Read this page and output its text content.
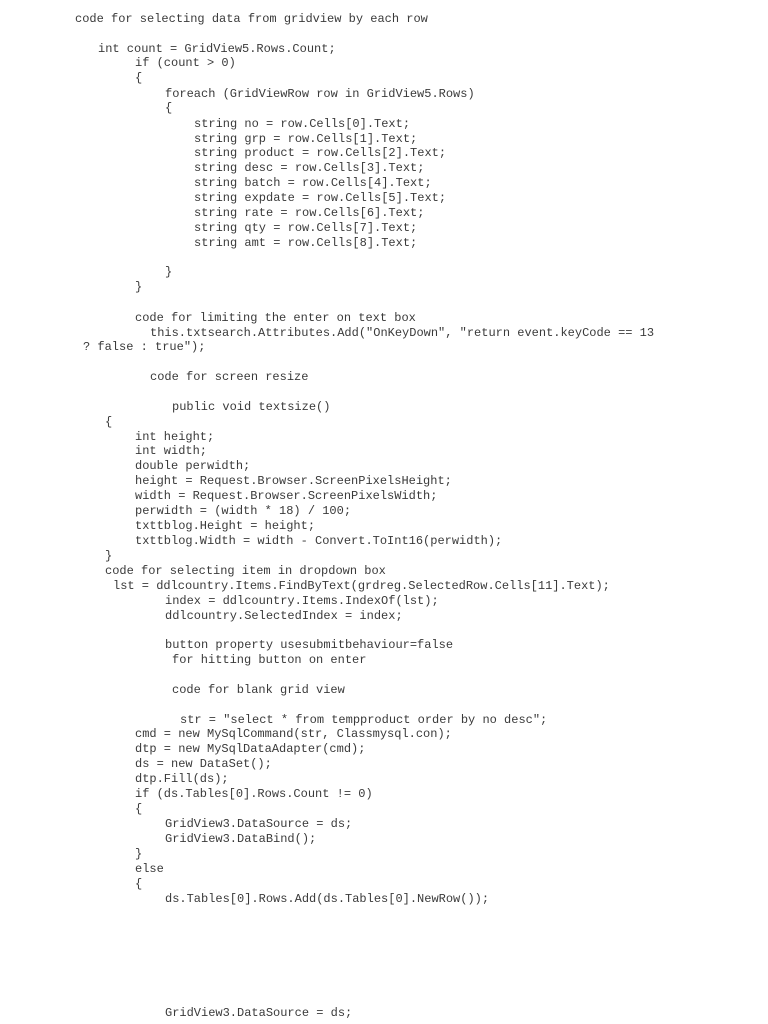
code for selecting data from gridview by each row

int count = GridView5.Rows.Count;

if (count > 0)

{

foreach (GridViewRow row in GridView5.Rows)

{

string no = row.Cells[0].Text;

string grp = row.Cells[1].Text;

string product = row.Cells[2].Text;

string desc = row.Cells[3].Text;

string batch = row.Cells[4].Text;

string expdate = row.Cells[5].Text;

string rate = row.Cells[6].Text;

string qty = row.Cells[7].Text;

string amt = row.Cells[8].Text;

}

}

code for limiting the enter on text box

this.txtsearch.Attributes.Add("OnKeyDown", "return event.keyCode == 13

? false : true");

code for screen resize

public void textsize()

{

int height;

int width;

double perwidth;

height = Request.Browser.ScreenPixelsHeight;

width = Request.Browser.ScreenPixelsWidth;

perwidth = (width * 18) / 100;

txttblog.Height = height;

txttblog.Width = width - Convert.ToInt16(perwidth);

}

code for selecting item in dropdown box

lst = ddlcountry.Items.FindByText(grdreg.SelectedRow.Cells[11].Text);

index = ddlcountry.Items.IndexOf(lst);

ddlcountry.SelectedIndex = index;

button property usesubmitbehaviour=false

for hitting button on enter

code for blank grid view

str = "select * from tempproduct order by no desc";

cmd = new MySqlCommand(str, Classmysql.con);

dtp = new MySqlDataAdapter(cmd);

ds = new DataSet();

dtp.Fill(ds);

if (ds.Tables[0].Rows.Count != 0)

{

GridView3.DataSource = ds;

GridView3.DataBind();

}

else

{

ds.Tables[0].Rows.Add(ds.Tables[0].NewRow());

GridView3.DataSource = ds;
